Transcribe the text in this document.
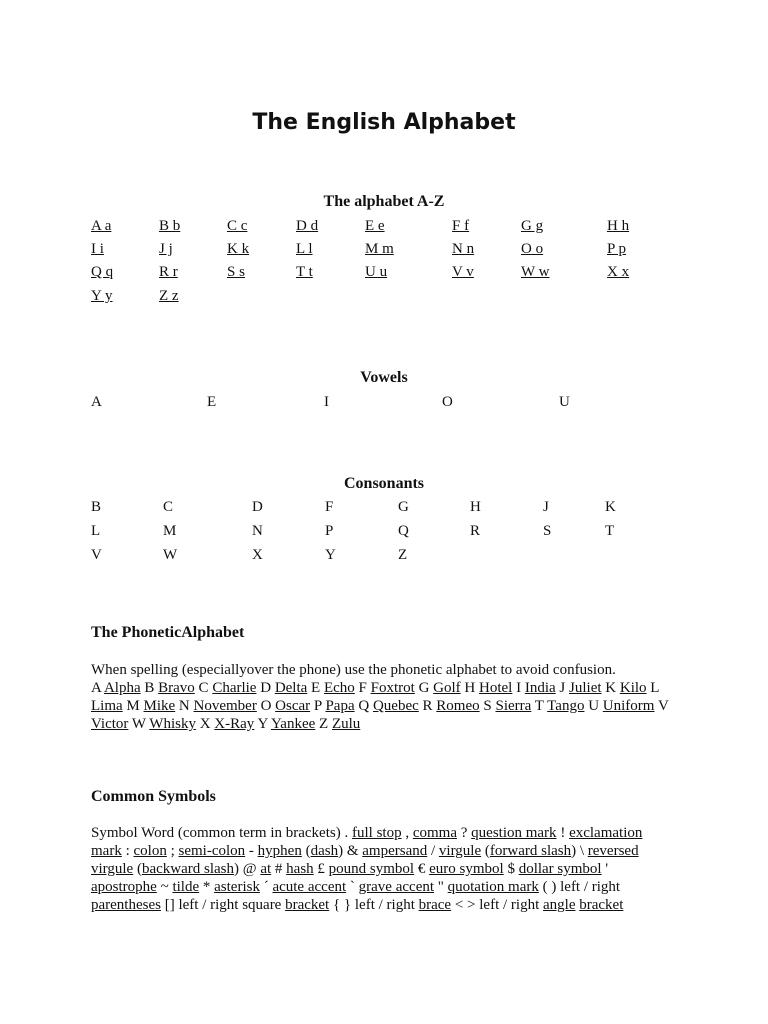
The English Alphabet
The alphabet A-Z
A a	B b	C c	D d	E e	F f	G g	H h
I i	J j	K k	L l	M m	N n	O o	P p
Q q	R r	S s	T t	U u	V v	W w	X x
Y y	Z z
Vowels
A	E	I	O	U
Consonants
B	C	D	F	G	H	J	K
L	M	N	P	Q	R	S	T
V	W	X	Y	Z
The PhoneticAlphabet
When spelling (especiallyover the phone) use the phonetic alphabet to avoid confusion.
A Alpha B Bravo C Charlie D Delta E Echo F Foxtrot G Golf H Hotel I India J Juliet K Kilo L
Lima M Mike N November O Oscar P Papa Q Quebec R Romeo S Sierra T Tango U Uniform V
Victor W Whisky X X-Ray Y Yankee Z Zulu
Common Symbols
Symbol Word (common term in brackets) . full stop , comma ? question mark ! exclamation
mark : colon ; semi-colon - hyphen (dash) & ampersand / virgule (forward slash) \ reversed
virgule (backward slash) @ at # hash £ pound symbol € euro symbol $ dollar symbol '
apostrophe ~ tilde * asterisk ´ acute accent ` grave accent " quotation mark ( ) left / right
parentheses [] left / right square bracket { } left / right brace < > left / right angle bracket
